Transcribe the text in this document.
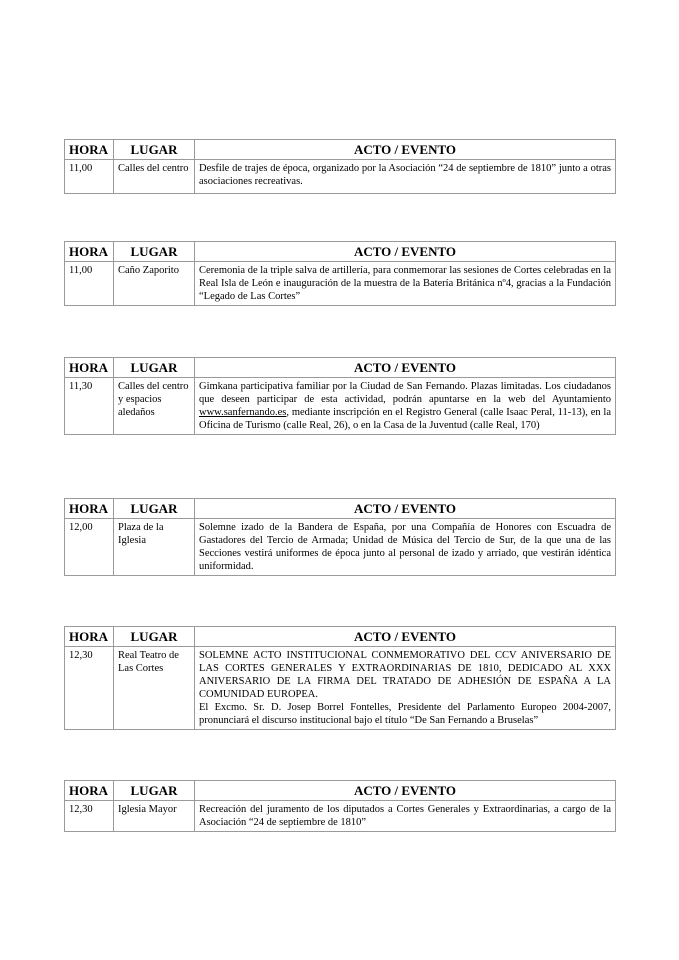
HORA	LUGAR	ACTO / EVENTO
11,00	Calles del centro	Desfile de trajes de época, organizado por la Asociación “24 de septiembre de 1810” junto a otras asociaciones recreativas.
HORA	LUGAR	ACTO / EVENTO
11,00	Caño Zaporito	Ceremonia de la triple salva de artillería, para conmemorar las sesiones de Cortes celebradas en la Real Isla de León e inauguración de la muestra de la Batería Británica nº4, gracias a la Fundación “Legado de Las Cortes”
HORA	LUGAR	ACTO / EVENTO
11,30	Calles del centro y espacios aledaños	Gimkana participativa familiar por la Ciudad de San Fernando. Plazas limitadas. Los ciudadanos que deseen participar de esta actividad, podrán apuntarse en la web del Ayuntamiento www.sanfernando.es, mediante inscripción en el Registro General (calle Isaac Peral, 11-13), en la Oficina de Turismo (calle Real, 26), o en la Casa de la Juventud (calle Real, 170)
HORA	LUGAR	ACTO / EVENTO
12,00	Plaza de la Iglesia	Solemne izado de la Bandera de España, por una Compañía de Honores con Escuadra de Gastadores del Tercio de Armada; Unidad de Música del Tercio de Sur, de la que una de las Secciones vestirá uniformes de época junto al personal de izado y arriado, que vestirán idéntica uniformidad.
HORA	LUGAR	ACTO / EVENTO
12,30	Real Teatro de Las Cortes	SOLEMNE ACTO INSTITUCIONAL CONMEMORATIVO DEL CCV ANIVERSARIO DE LAS CORTES GENERALES Y EXTRAORDINARIAS DE 1810, DEDICADO AL XXX ANIVERSARIO DE LA FIRMA DEL TRATADO DE ADHESIÓN DE ESPAÑA A LA COMUNIDAD EUROPEA.
El Excmo. Sr. D. Josep Borrel Fontelles, Presidente del Parlamento Europeo 2004-2007, pronunciará el discurso institucional bajo el título “De San Fernando a Bruselas”
HORA	LUGAR	ACTO / EVENTO
12,30	Iglesia Mayor	Recreación del juramento de los diputados a Cortes Generales y Extraordinarias, a cargo de la Asociación “24 de septiembre de 1810”
